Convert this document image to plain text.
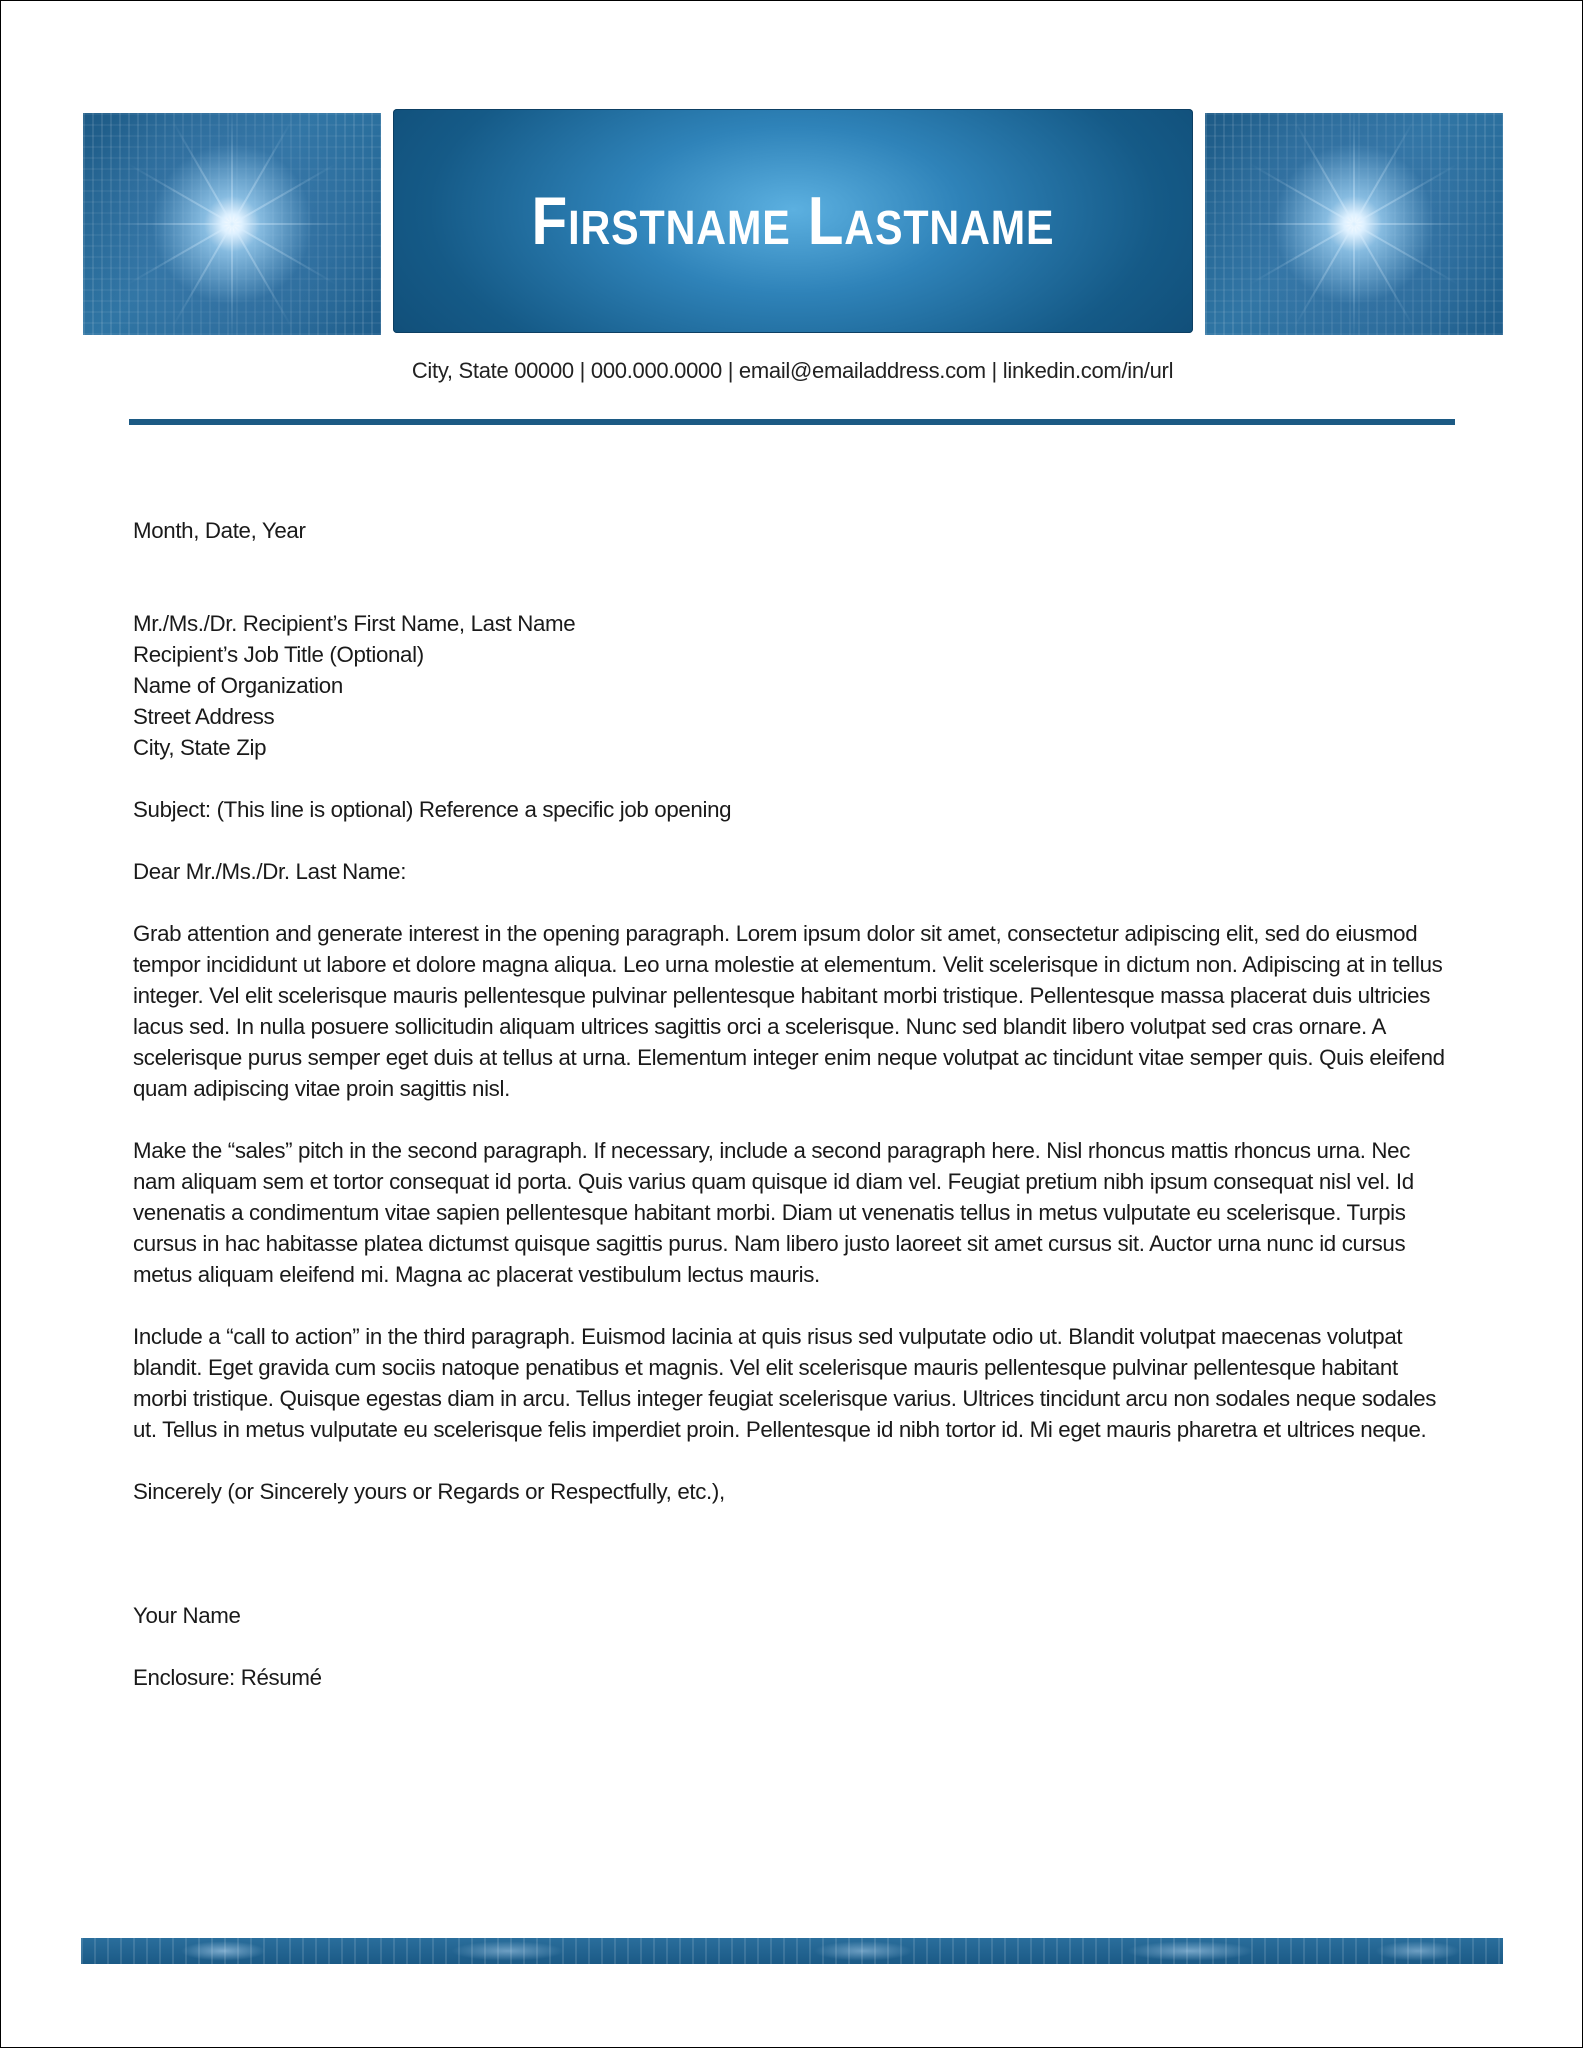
Firstname Lastname
City, State 00000 | 000.000.0000 | email@emailaddress.com | linkedin.com/in/url

Month, Date, Year

Mr./Ms./Dr. Recipient’s First Name, Last Name

Recipient’s Job Title (Optional)

Name of Organization

Street Address

City, State Zip

Subject: (This line is optional) Reference a specific job opening

Dear Mr./Ms./Dr. Last Name:

Grab attention and generate interest in the opening paragraph. Lorem ipsum dolor sit amet, consectetur adipiscing elit, sed do eiusmod tempor incididunt ut labore et dolore magna aliqua. Leo urna molestie at elementum. Velit scelerisque in dictum non. Adipiscing at in tellus integer. Vel elit scelerisque mauris pellentesque pulvinar pellentesque habitant morbi tristique. Pellentesque massa placerat duis ultricies lacus sed. In nulla posuere sollicitudin aliquam ultrices sagittis orci a scelerisque. Nunc sed blandit libero volutpat sed cras ornare. A scelerisque purus semper eget duis at tellus at urna. Elementum integer enim neque volutpat ac tincidunt vitae semper quis. Quis eleifend quam adipiscing vitae proin sagittis nisl.

Make the “sales” pitch in the second paragraph. If necessary, include a second paragraph here. Nisl rhoncus mattis rhoncus urna. Nec nam aliquam sem et tortor consequat id porta. Quis varius quam quisque id diam vel. Feugiat pretium nibh ipsum consequat nisl vel. Id venenatis a condimentum vitae sapien pellentesque habitant morbi. Diam ut venenatis tellus in metus vulputate eu scelerisque. Turpis cursus in hac habitasse platea dictumst quisque sagittis purus. Nam libero justo laoreet sit amet cursus sit. Auctor urna nunc id cursus metus aliquam eleifend mi. Magna ac placerat vestibulum lectus mauris.

Include a “call to action” in the third paragraph. Euismod lacinia at quis risus sed vulputate odio ut. Blandit volutpat maecenas volutpat blandit. Eget gravida cum sociis natoque penatibus et magnis. Vel elit scelerisque mauris pellentesque pulvinar pellentesque habitant morbi tristique. Quisque egestas diam in arcu. Tellus integer feugiat scelerisque varius. Ultrices tincidunt arcu non sodales neque sodales ut. Tellus in metus vulputate eu scelerisque felis imperdiet proin. Pellentesque id nibh tortor id. Mi eget mauris pharetra et ultrices neque.

Sincerely (or Sincerely yours or Regards or Respectfully, etc.),

Your Name

Enclosure: Résumé
